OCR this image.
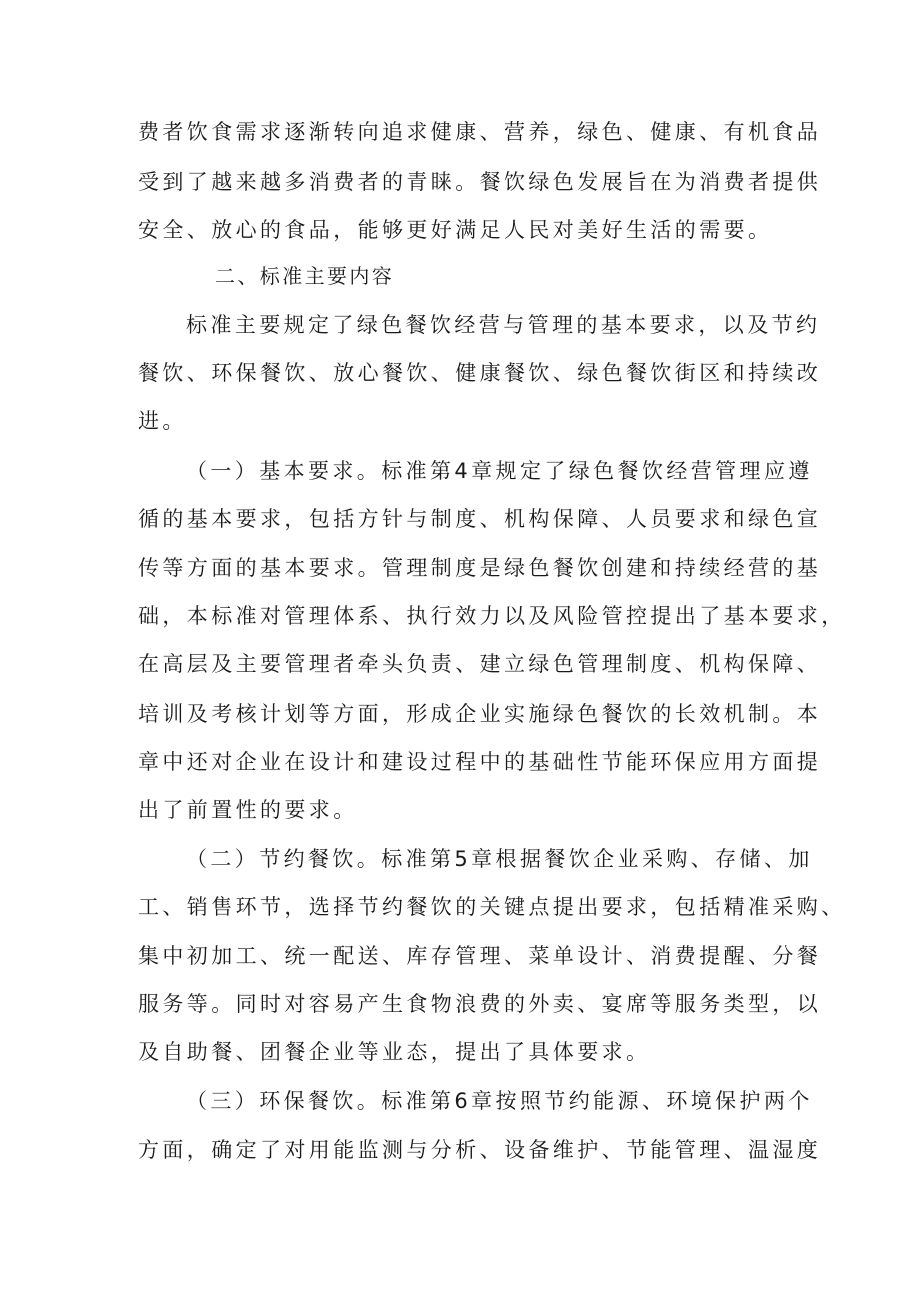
费者饮食需求逐渐转向追求健康、营养，绿色、健康、有机食品
受到了越来越多消费者的青睐。餐饮绿色发展旨在为消费者提供
安全、放心的食品，能够更好满足人民对美好生活的需要。
二、标准主要内容
标准主要规定了绿色餐饮经营与管理的基本要求，以及节约
餐饮、环保餐饮、放心餐饮、健康餐饮、绿色餐饮街区和持续改
进。
（一）基本要求。标准第4章规定了绿色餐饮经营管理应遵
循的基本要求，包括方针与制度、机构保障、人员要求和绿色宣
传等方面的基本要求。管理制度是绿色餐饮创建和持续经营的基
础，本标准对管理体系、执行效力以及风险管控提出了基本要求，
在高层及主要管理者牵头负责、建立绿色管理制度、机构保障、
培训及考核计划等方面，形成企业实施绿色餐饮的长效机制。本
章中还对企业在设计和建设过程中的基础性节能环保应用方面提
出了前置性的要求。
（二）节约餐饮。标准第5章根据餐饮企业采购、存储、加
工、销售环节，选择节约餐饮的关键点提出要求，包括精准采购、
集中初加工、统一配送、库存管理、菜单设计、消费提醒、分餐
服务等。同时对容易产生食物浪费的外卖、宴席等服务类型，以
及自助餐、团餐企业等业态，提出了具体要求。
（三）环保餐饮。标准第6章按照节约能源、环境保护两个
方面，确定了对用能监测与分析、设备维护、节能管理、温湿度
